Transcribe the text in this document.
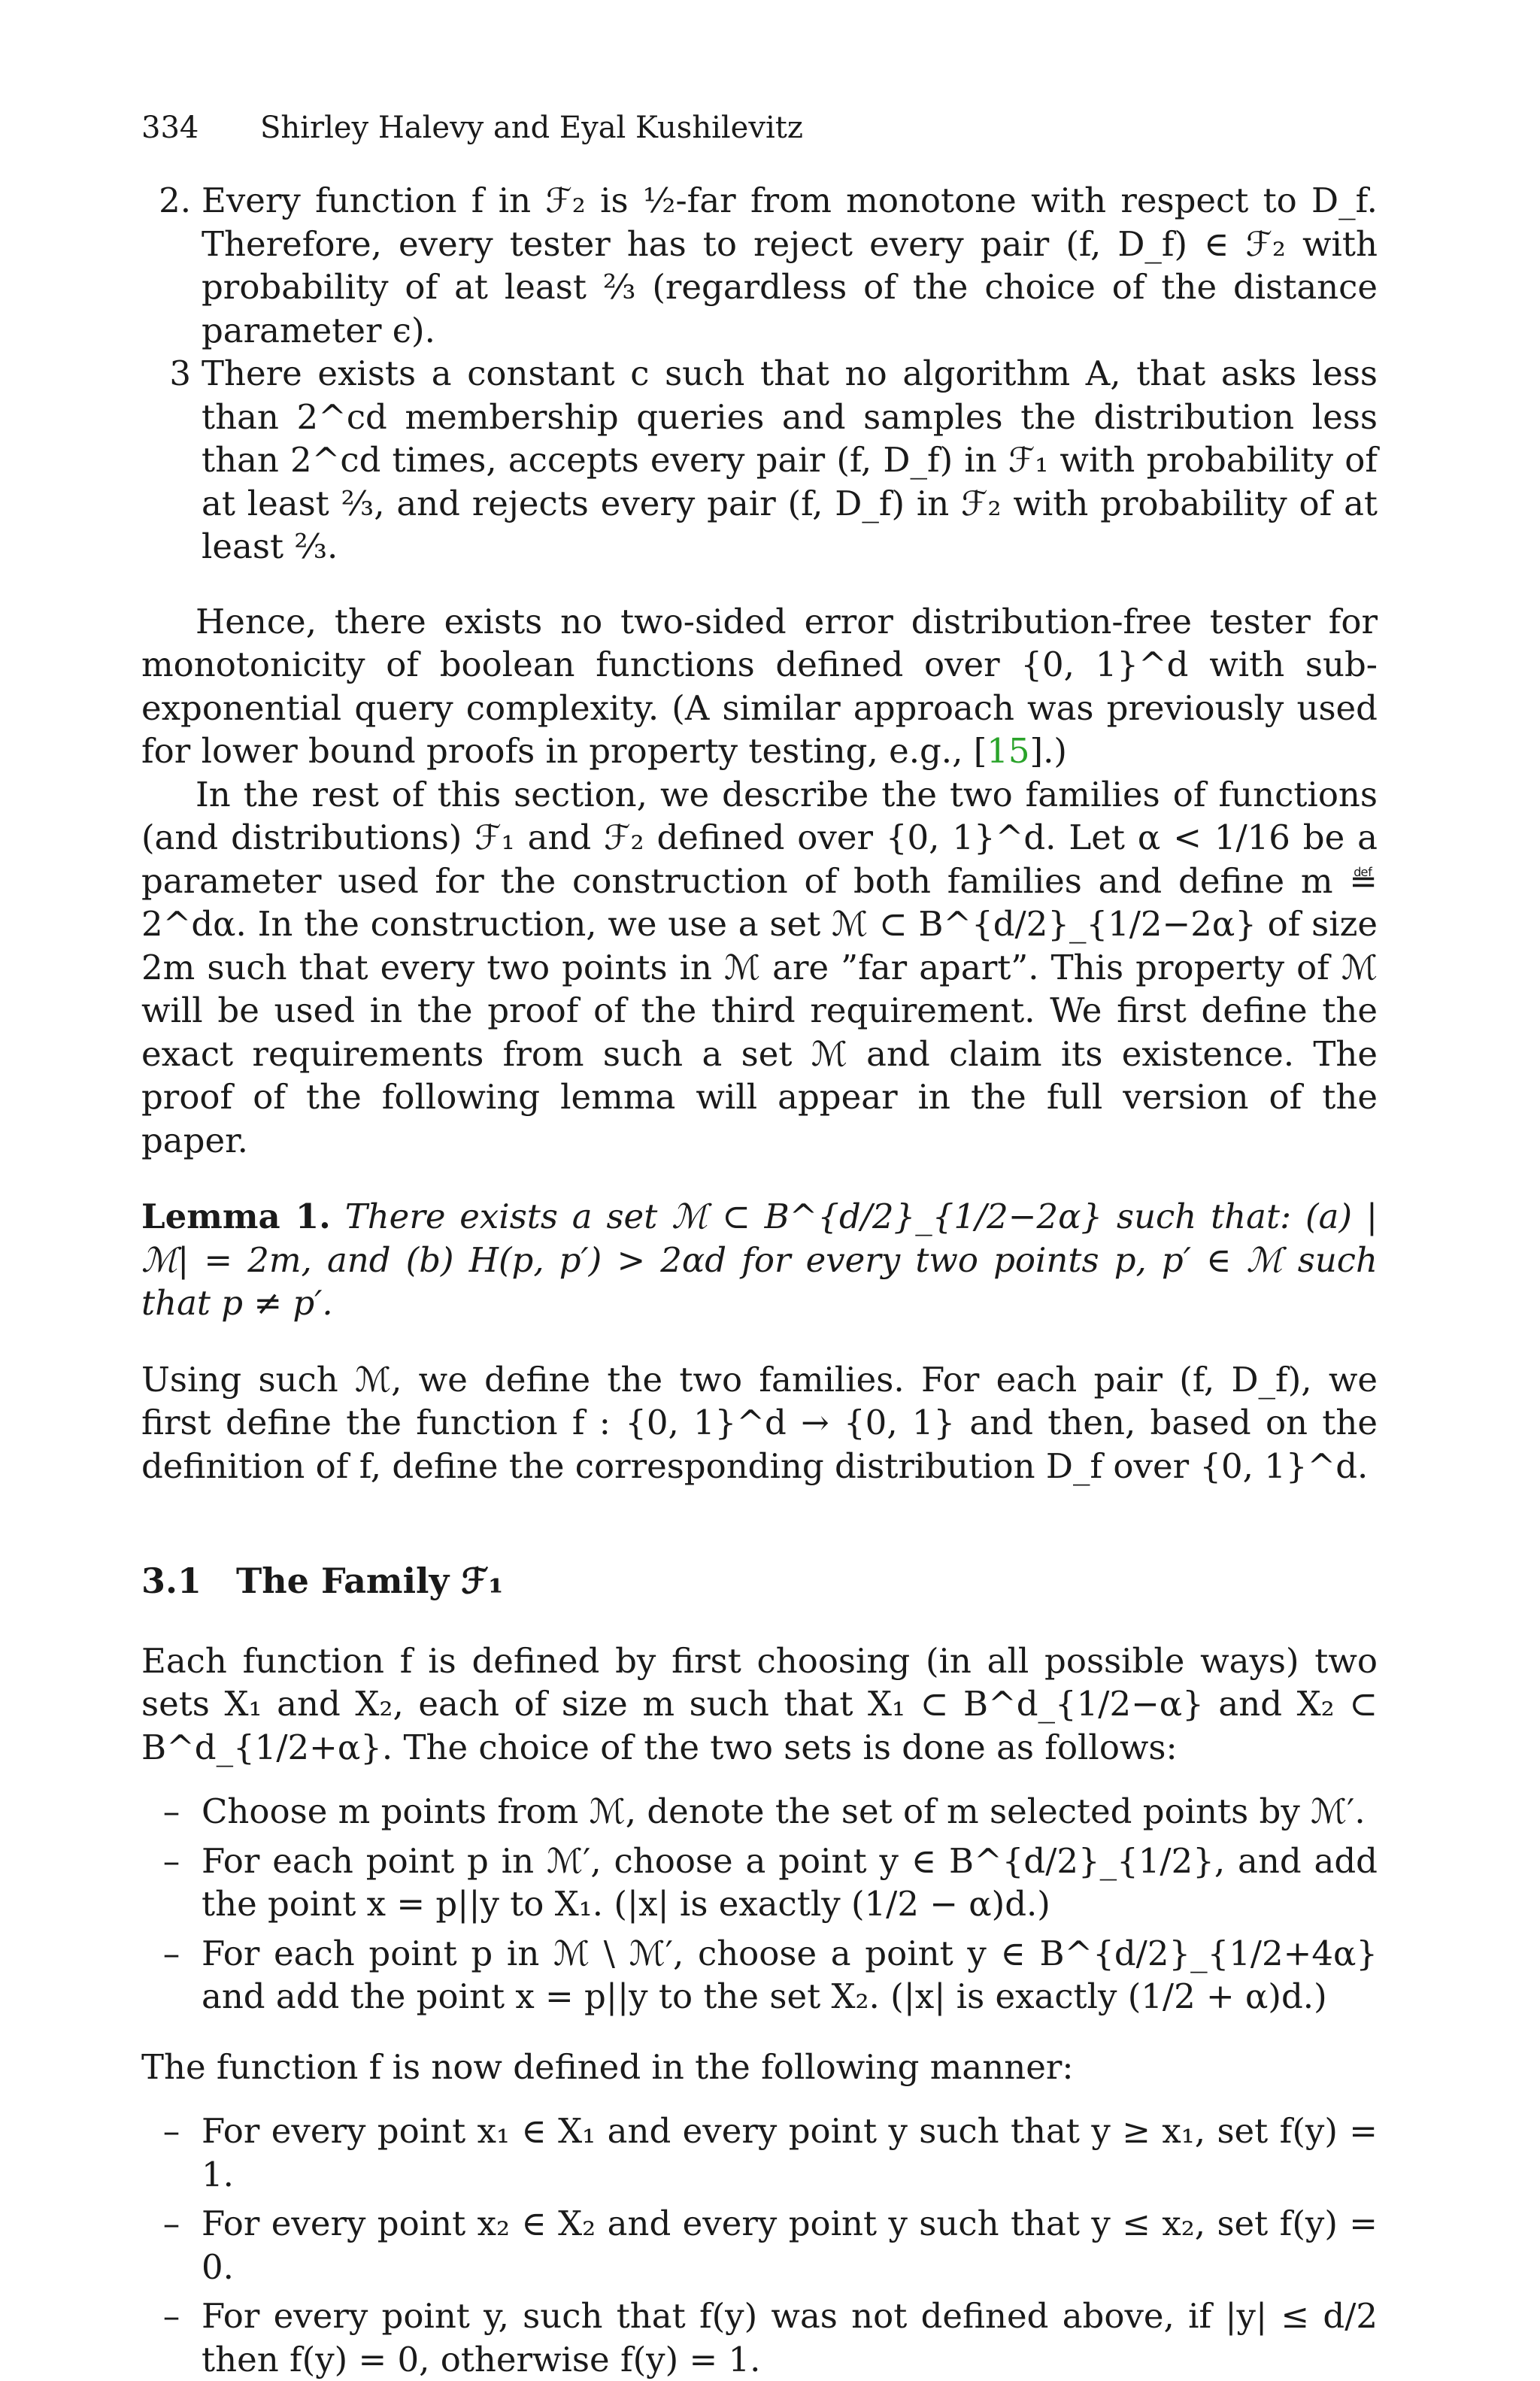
334 Shirley Halevy and Eyal Kushilevitz
2. Every function f in ℱ₂ is ½-far from monotone with respect to D_f. Therefore, every tester has to reject every pair (f, D_f) ∈ ℱ₂ with probability of at least ⅔ (regardless of the choice of the distance parameter ϵ).
3 There exists a constant c such that no algorithm A, that asks less than 2^cd membership queries and samples the distribution less than 2^cd times, accepts every pair (f, D_f) in ℱ₁ with probability of at least ⅔, and rejects every pair (f, D_f) in ℱ₂ with probability of at least ⅔.

Hence, there exists no two-sided error distribution-free tester for monotonicity of boolean functions defined over {0, 1}^d with sub-exponential query complexity. (A similar approach was previously used for lower bound proofs in property testing, e.g., [15].)

In the rest of this section, we describe the two families of functions (and distributions) ℱ₁ and ℱ₂ defined over {0, 1}^d. Let α < 1/16 be a parameter used for the construction of both families and define m ≝ 2^dα. In the construction, we use a set ℳ ⊂ B^{d/2}_{1/2−2α} of size 2m such that every two points in ℳ are ”far apart”. This property of ℳ will be used in the proof of the third requirement. We first define the exact requirements from such a set ℳ and claim its existence. The proof of the following lemma will appear in the full version of the paper.

Lemma 1. There exists a set ℳ ⊂ B^{d/2}_{1/2−2α} such that: (a) |ℳ| = 2m, and (b) H(p, p′) > 2αd for every two points p, p′ ∈ ℳ such that p ≠ p′.

Using such ℳ, we define the two families. For each pair (f, D_f), we first define the function f : {0, 1}^d → {0, 1} and then, based on the definition of f, define the corresponding distribution D_f over {0, 1}^d.

3.1 The Family ℱ₁

Each function f is defined by first choosing (in all possible ways) two sets X₁ and X₂, each of size m such that X₁ ⊂ B^d_{1/2−α} and X₂ ⊂ B^d_{1/2+α}. The choice of the two sets is done as follows:

– Choose m points from ℳ, denote the set of m selected points by ℳ′.
– For each point p in ℳ′, choose a point y ∈ B^{d/2}_{1/2}, and add the point x = p||y to X₁. (|x| is exactly (1/2 − α)d.)
– For each point p in ℳ \ ℳ′, choose a point y ∈ B^{d/2}_{1/2+4α} and add the point x = p||y to the set X₂. (|x| is exactly (1/2 + α)d.)

The function f is now defined in the following manner:

– For every point x₁ ∈ X₁ and every point y such that y ≥ x₁, set f(y) = 1.
– For every point x₂ ∈ X₂ and every point y such that y ≤ x₂, set f(y) = 0.
– For every point y, such that f(y) was not defined above, if |y| ≤ d/2 then f(y) = 0, otherwise f(y) = 1.
